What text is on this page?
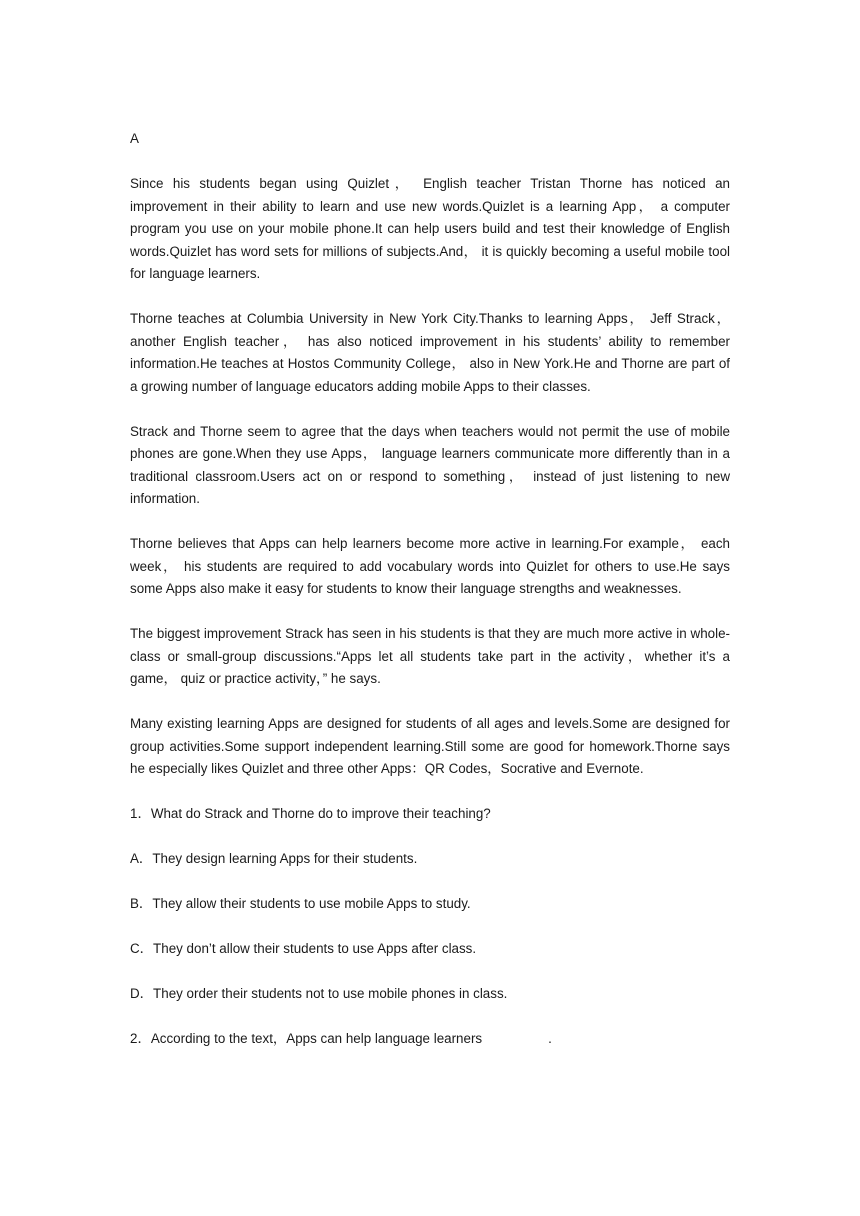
A

Since his students began using Quizlet， English teacher Tristan Thorne has noticed an improvement in their ability to learn and use new words.Quizlet is a learning App， a computer program you use on your mobile phone.It can help users build and test their knowledge of English words.Quizlet has word sets for millions of subjects.And， it is quickly becoming a useful mobile tool for language learners.

Thorne teaches at Columbia University in New York City.Thanks to learning Apps， Jeff Strack， another English teacher， has also noticed improvement in his students’ ability to remember information.He teaches at Hostos Community College， also in New York.He and Thorne are part of a growing number of language educators adding mobile Apps to their classes.

Strack and Thorne seem to agree that the days when teachers would not permit the use of mobile phones are gone.When they use Apps， language learners communicate more differently than in a traditional classroom.Users act on or respond to something， instead of just listening to new information.

Thorne believes that Apps can help learners become more active in learning.For example， each week， his students are required to add vocabulary words into Quizlet for others to use.He says some Apps also make it easy for students to know their language strengths and weaknesses.

The biggest improvement Strack has seen in his students is that they are much more active in whole-class or small-group discussions.“Apps let all students take part in the activity，whether it’s a game， quiz or practice activity，” he says.

Many existing learning Apps are designed for students of all ages and levels.Some are designed for group activities.Some support independent learning.Still some are good for homework.Thorne says he especially likes Quizlet and three other Apps：QR Codes，Socrative and Evernote.

1．What do Strack and Thorne do to improve their teaching?
A．They design learning Apps for their students.
B．They allow their students to use mobile Apps to study.
C．They don’t allow their students to use Apps after class.
D．They order their students not to use mobile phones in class.
2．According to the text，Apps can help language learners	.
